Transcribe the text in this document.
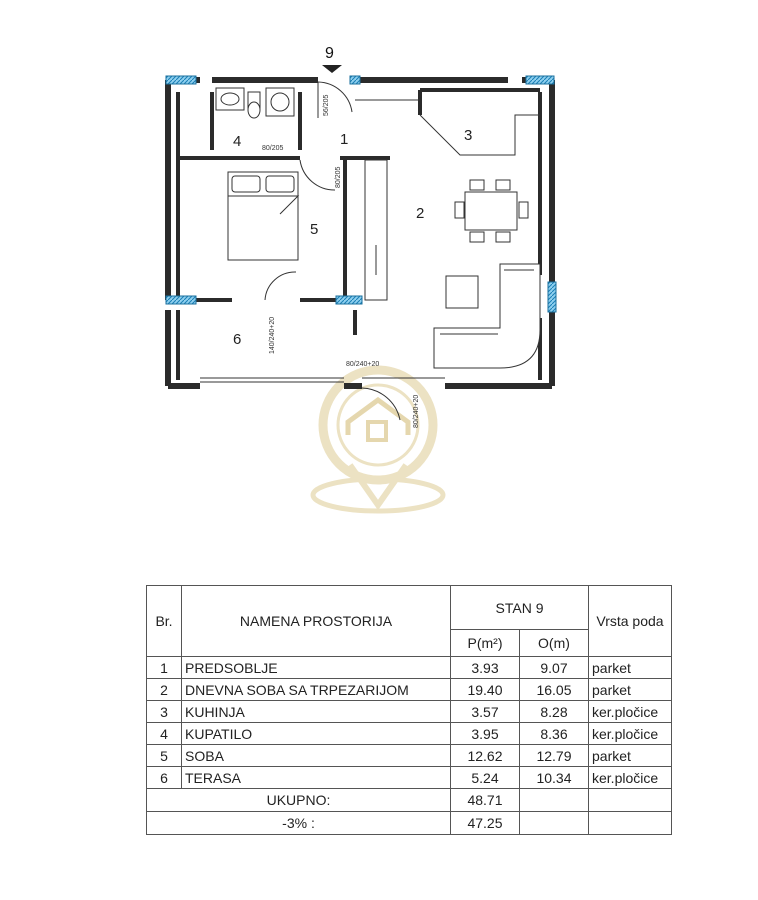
9
1
2
3
4
5
6
56/205
80/205
80/205
140/240+20
80/240+20
80/240+20
Br.	NAMENA PROSTORIJA	STAN 9		Vrsta poda
		P(m²)	O(m)	
1	PREDSOBLJE	3.93	9.07	parket
2	DNEVNA SOBA SA TRPEZARIJOM	19.40	16.05	parket
3	KUHINJA	3.57	8.28	ker.pločice
4	KUPATILO	3.95	8.36	ker.pločice
5	SOBA	12.62	12.79	parket
6	TERASA	5.24	10.34	ker.pločice
UKUPNO:		48.71		
-3% :		47.25		
